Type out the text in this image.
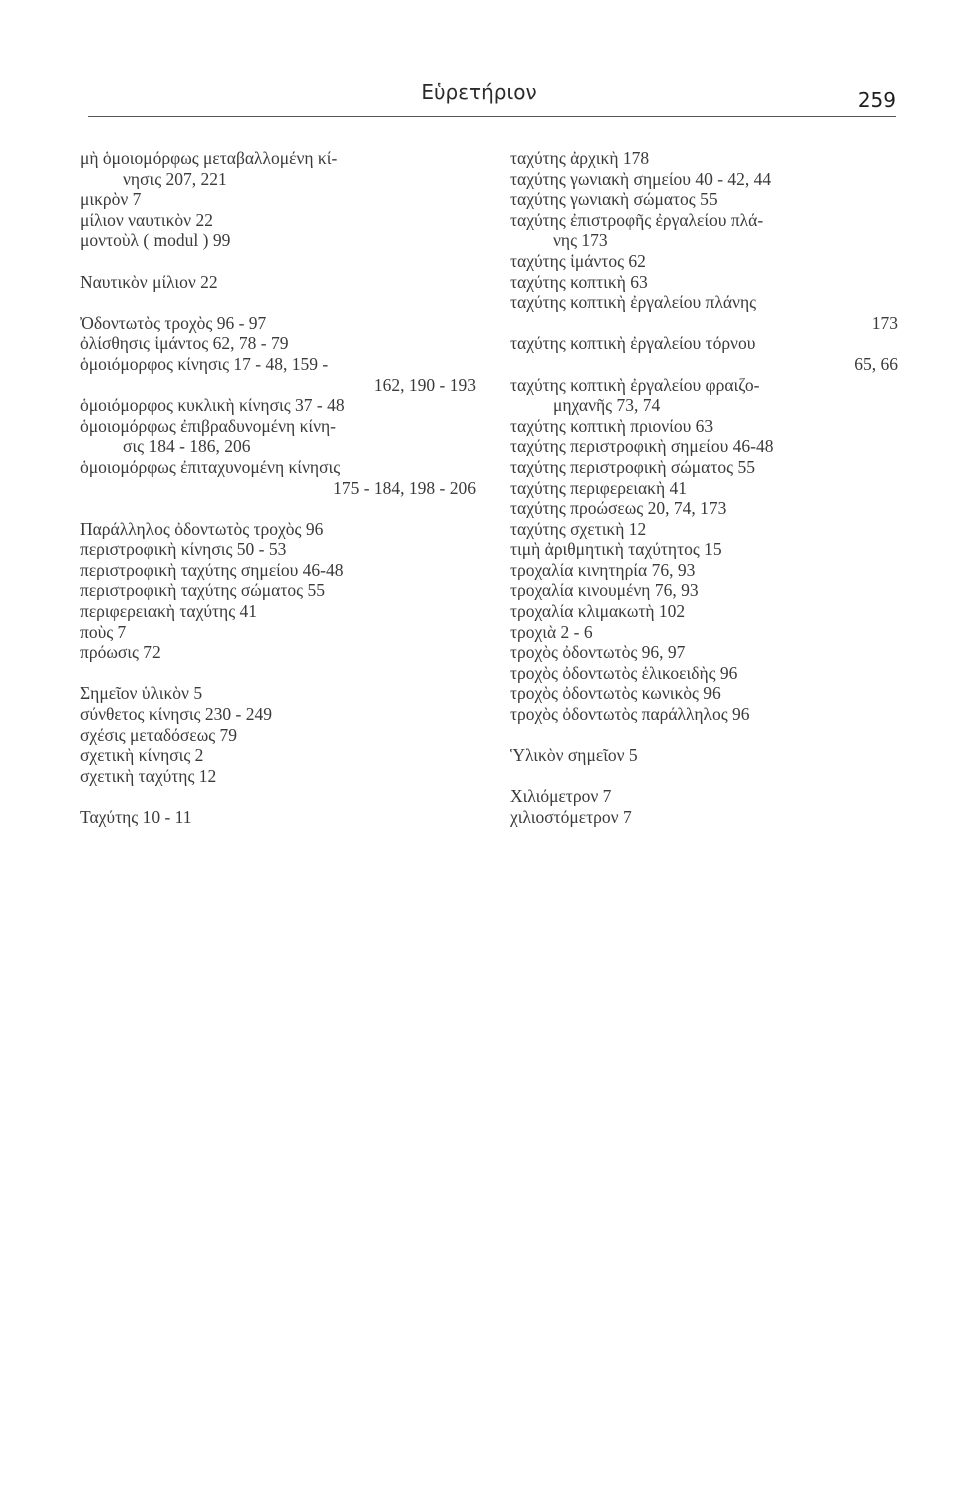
Εὑρετήριον	259
μὴ ὁμοιομόρφως μεταβαλλομένη κί-
νησις 207, 221
μικρὸν 7
μίλιον ναυτικὸν 22
μοντοὺλ ( modul ) 99
Ναυτικὸν μίλιον 22
Ὀδοντωτὸς τροχὸς 96 - 97
ὀλίσθησις ἱμάντος 62, 78 - 79
ὁμοιόμορφος κίνησις 17 - 48, 159 -
162, 190 - 193
ὁμοιόμορφος κυκλικὴ κίνησις 37 - 48
ὁμοιομόρφως ἐπιβραδυνομένη κίνη-
σις 184 - 186, 206
ὁμοιομόρφως ἐπιταχυνομένη κίνησις
175 - 184, 198 - 206
Παράλληλος ὀδοντωτὸς τροχὸς 96
περιστροφικὴ κίνησις 50 - 53
περιστροφικὴ ταχύτης σημείου 46-48
περιστροφικὴ ταχύτης σώματος 55
περιφερειακὴ ταχύτης 41
ποὺς 7
πρόωσις 72
Σημεῖον ὑλικὸν 5
σύνθετος κίνησις 230 - 249
σχέσις μεταδόσεως 79
σχετικὴ κίνησις 2
σχετικὴ ταχύτης 12
Ταχύτης 10 - 11
ταχύτης ἀρχικὴ 178
ταχύτης γωνιακὴ σημείου 40 - 42, 44
ταχύτης γωνιακὴ σώματος 55
ταχύτης ἐπιστροφῆς ἐργαλείου πλά-
νης 173
ταχύτης ἱμάντος 62
ταχύτης κοπτικὴ 63
ταχύτης κοπτικὴ ἐργαλείου πλάνης
173
ταχύτης κοπτικὴ ἐργαλείου τόρνου
65, 66
ταχύτης κοπτικὴ ἐργαλείου φραιζο-
μηχανῆς 73, 74
ταχύτης κοπτικὴ πριονίου 63
ταχύτης περιστροφικὴ σημείου 46-48
ταχύτης περιστροφικὴ σώματος 55
ταχύτης περιφερειακὴ 41
ταχύτης προώσεως 20, 74, 173
ταχύτης σχετικὴ 12
τιμὴ ἀριθμητικὴ ταχύτητος 15
τροχαλία κινητηρία 76, 93
τροχαλία κινουμένη 76, 93
τροχαλία κλιμακωτὴ 102
τροχιὰ 2 - 6
τροχὸς ὀδοντωτὸς 96, 97
τροχὸς ὀδοντωτὸς ἑλικοειδὴς 96
τροχὸς ὀδοντωτὸς κωνικὸς 96
τροχὸς ὀδοντωτὸς παράλληλος 96
Ὑλικὸν σημεῖον 5
Χιλιόμετρον 7
χιλιοστόμετρον 7
